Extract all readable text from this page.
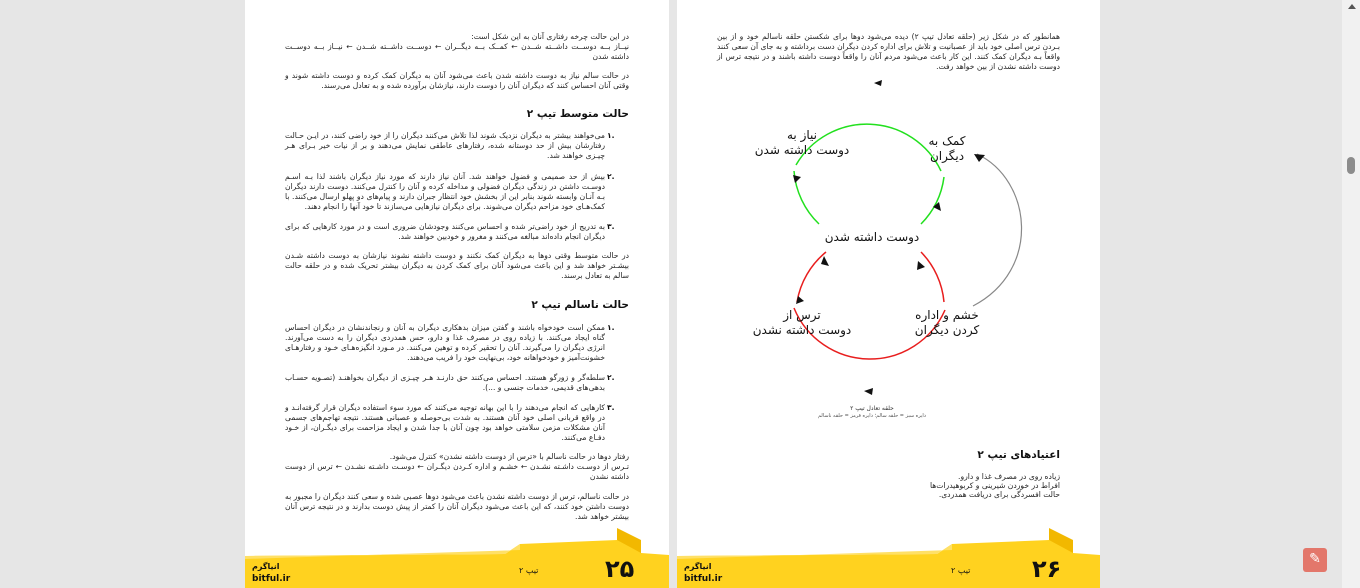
در این حالت چرخه رفتاری آنان به این شکل است:
نیــاز بــه دوســت داشــته شــدن ← کمــک بــه دیگــران ← دوســت داشــته شــدن ← نیــاز بــه دوســت داشته شدن
در حالت سالم نیاز به دوست داشته شدن باعث می‌شود آنان به دیگران کمک کرده و دوست داشته شوند و وقتی آنان احساس کنند که دیگران آنان را دوست دارند، نیازشان برآورده شده و به تعادل می‌رسند.
حالت متوسط تیپ ۲
۱.
می‌خواهند بیشتر به دیگران نزدیک شوند لذا تلاش می‌کنند دیگران را از خود راضی کنند، در ایـن حـالت رفتارشان بیش از حد دوستانه شده، رفتارهای عاطفی نمایش می‌دهند و بر از نیات خیر بـرای هـر چیـزی خواهند شد.
۲.
بیش از حد صمیمی و فضول خواهند شد. آنان نیاز دارند که مورد نیاز دیگران باشند لذا بـه اسـم دوسـت داشتن در زندگی دیگران فضولی و مداخله کرده و آنان را کنترل می‌کنند. دوست دارند دیگران بـه آنـان وابسته شوند بنابر این از بخشش خود انتظار جبران دارند و پیام‌های دو پهلو ارسال می‌کنند. با کمک‌هـای خود مزاحم دیگران می‌شوند. برای دیگران نیازهایی می‌سازند تا خود آنها را انجام دهند.
۳.
به تدریج از خود راضی‌تر شده و احساس می‌کنند وجودشان ضروری است و در مورد کارهایی که برای دیگران انجام داده‌اند مبالغه می‌کنند و مغرور و خودبین خواهند شد.
در حالت متوسط وقتی دوها به دیگران کمک نکنند و دوست داشته نشوند نیازشان به دوست داشته شـدن بیشـتر خواهد شد و این باعث می‌شود آنان برای کمک کردن به دیگران بیشتر تحریک شده و در حلقه حالت سالم به تعادل برسند.
حالت ناسالم تیپ ۲
۱.
ممکن است خودخواه باشند و گفتن میزان بدهکاری دیگران به آنان و رنجاندنشان در دیگران احساس گناه ایجاد می‌کنند. با زیاده روی در مصرف غذا و دارو، حس همدردی دیگران را به دست می‌آورند. انرژی دیگران را می‌گیرند. آنان را تحقیر کرده و توهین می‌کنند. در مـورد انگیزه‌هـای خـود و رفتارهـای خشونت‌آمیز و خودخواهانه خود، بی‌نهایت خود را فریب می‌دهند.
۲.
سلطه‌گر و زورگو هستند. احساس می‌کنند حق دارنـد هـر چیـزی از دیگران بخواهنـد (تصـویه حسـاب بدهی‌های قدیمی، خدمات جنسی و ...).
۳.
کارهایی که انجام می‌دهند را با این بهانه توجیه می‌کنند که مورد سوء استفاده دیگران قرار گرفته‌انـد و در واقع قربانی اصلی خود آنان هستند. به شدت بی‌حوصله و عصبانی هستند. نتیجه تهاجم‌های جسمی آنان مشکلات مزمن سلامتی خواهد بود چون آنان با جدا شدن و ایجاد مزاحمت برای دیگـران، از خـود دفـاع می‌کنند.
رفتار دوها در حالت ناسالم با «ترس از دوست داشته نشدن» کنترل می‌شود.
تـرس از دوسـت داشـته نشـدن ← خشـم و اداره کـردن دیگـران ← دوسـت داشـته نشـدن ← ترس از دوست داشته نشدن
در حالت ناسالم، ترس از دوست داشته نشدن باعث می‌شود دوها عصبی شده و سعی کنند دیگران را مجبور به دوست داشتن خود کنند، که این باعث می‌شود دیگران آنان را کمتر از پیش دوست بدارند و در نتیجه ترس آنان بیشتر خواهد شد.
۲۵
تیپ ۲
انیاگرم
bitful.ir
همانطور که در شکل زیر (حلقه تعادل تیپ ۲) دیده می‌شود دوها برای شکستن حلقه ناسالم خود و از بین بـردن ترس اصلی خود باید از عصبانیت و تلاش برای اداره کردن دیگران دست برداشته و به جای آن سعی کنند واقعاً بـه دیگران کمک کنند. این کار باعث می‌شود مردم آنان را واقعاً دوست داشته باشند و در نتیجه ترس از دوست داشته نشدن از بین خواهد رفت.
کمک به
دیگران
نیاز به
دوست داشته شدن
دوست داشته شدن
خشم و اداره
کردن دیگران
ترس از
دوست داشته نشدن
حلقه تعادل تیپ ۲
دایره سبز = حلقه سالم؛ دایره قرمز = حلقه ناسالم
اعتیادهای تیپ ۲
زیاده روی در مصرف غذا و دارو.
افراط در خوردن شیرینی و کربوهیدرات‌ها
حالت افسردگی برای دریافت همدردی.
۲۶
تیپ ۲
انیاگرم
bitful.ir
✎
